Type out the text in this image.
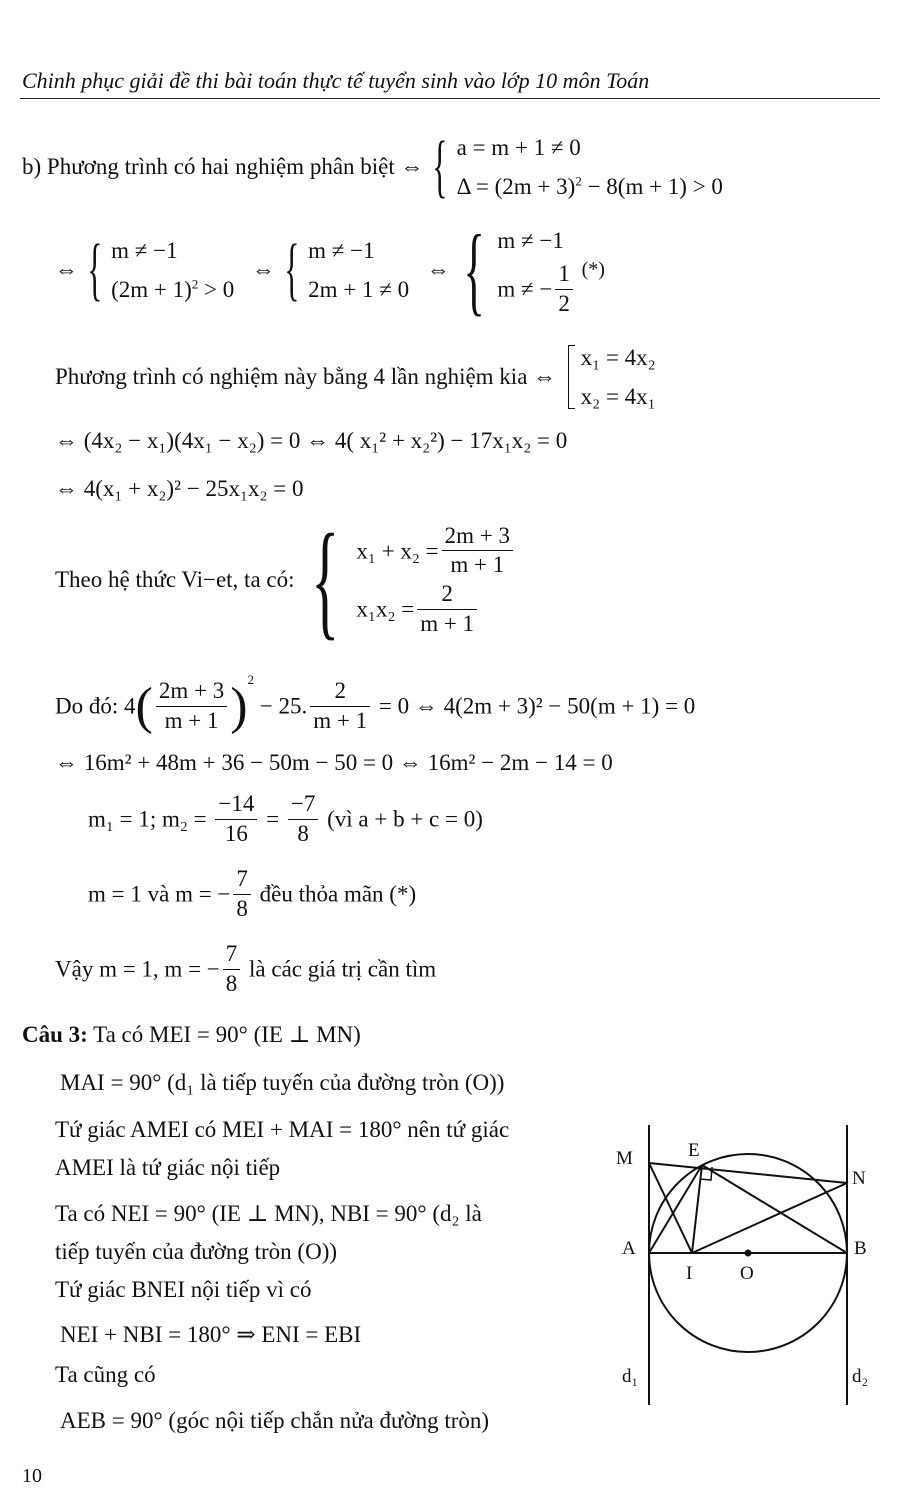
Chinh phục giải đề thi bài toán thực tế tuyển sinh vào lớp 10 môn Toán
b) Phương trình có hai nghiệm phân biệt ⇔ { a = m + 1 ≠ 0
$\Delta = (2m + 3)^2 - 8(m + 1) > 0$
⇔ { m ≠ −1
$(2m + 1)^2 > 0$
⇔ { m ≠ −1
2m + 1 ≠ 0
⇔ { m ≠ −1
m ≠ − $\frac{1}{2}$ (*)
Phương trình có nghiệm này bằng 4 lần nghiệm kia ⇔
x₁ = 4x₂
x₂ = 4x₁
⇔ (4x₂ − x₁)(4x₁ − x₂) = 0 ⇔ 4( x₁² + x₂²) − 17x₁x₂ = 0
⇔ 4(x₁ + x₂)² − 25x₁x₂ = 0
Theo hệ thức Vi−et, ta có: { $x_1 + x_2 = \frac{2m + 3}{m + 1}$
$x_1x_2 = \frac{2}{m + 1}$
Do đó: $4( \frac{2m + 3}{m + 1} )^2 - 25$. $\frac{2}{m + 1} = 0$ ⇔ 4(2m + 3)² − 50(m + 1) = 0
⇔ 16m² + 48m + 36 − 50m − 50 = 0 ⇔ 16m² − 2m − 14 = 0
m₁ = 1; $m_2 = \frac{-14}{16} = \frac{-7}{8}$ (vì a + b + c = 0)
m = 1 và m = − $\frac{7}{8}$ đều thỏa mãn (*)
Vậy m = 1, m = − $\frac{7}{8}$ là các giá trị cần tìm
Câu 3: Ta có MEI = 90° (IE ⊥ MN)
MAI = 90° (d₁ là tiếp tuyến của đường tròn (O))
Tứ giác AMEI có MEI + MAI = 180° nên tứ giác
AMEI là tứ giác nội tiếp
Ta có NEI = 90° (IE ⊥ MN), NBI = 90° (d₂ là
tiếp tuyến của đường tròn (O))
Tứ giác BNEI nội tiếp vì có
NEI + NBI = 180° ⇒ ENI = EBI
Ta cũng có
AEB = 90° (góc nội tiếp chắn nửa đường tròn)
M	E
N
A
I	O
B
d₁	d₂
10
